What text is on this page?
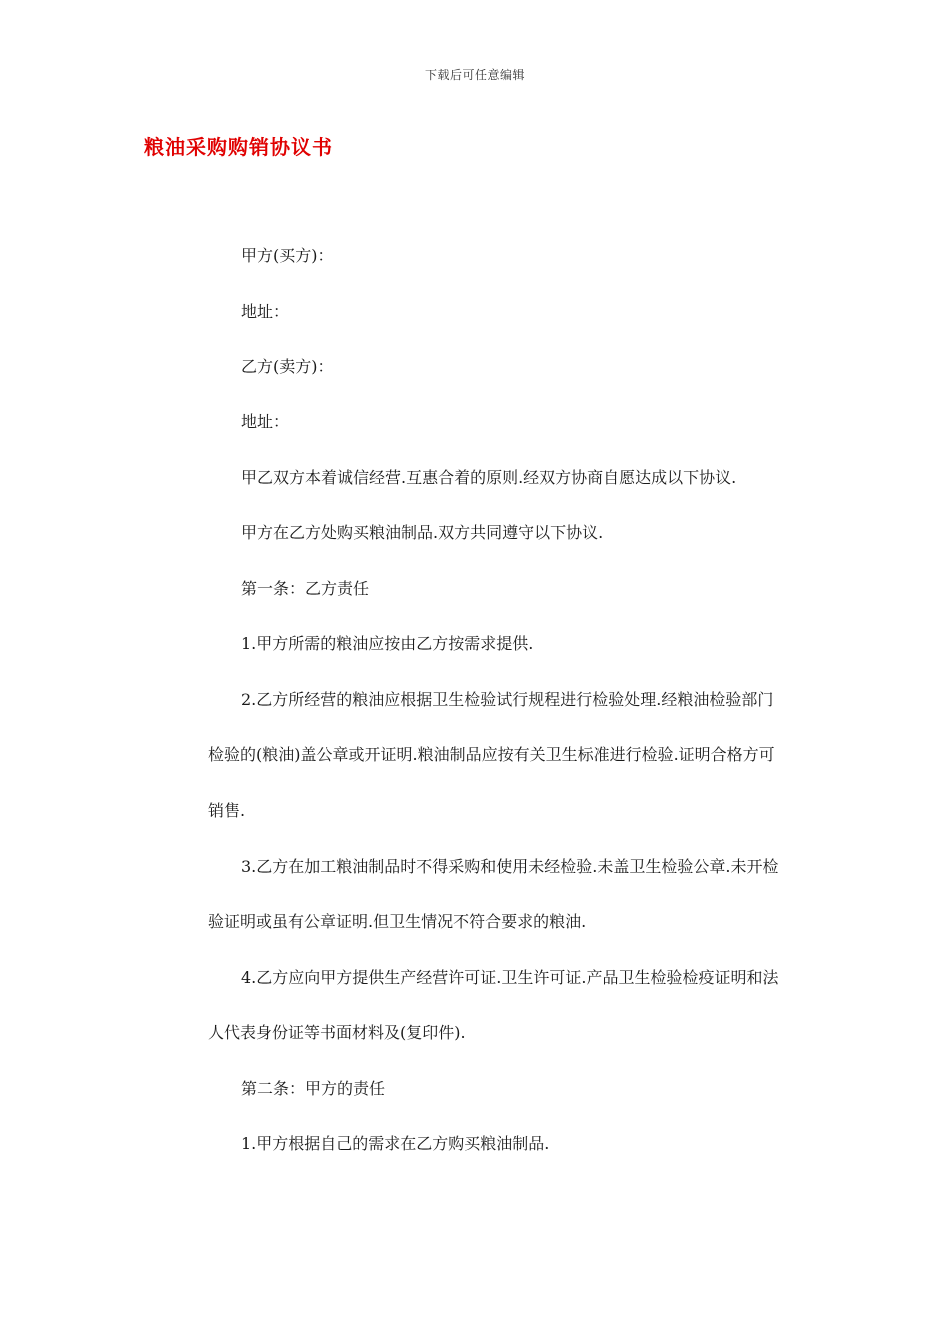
下载后可任意编辑
粮油采购购销协议书
甲方(买方)：
地址：
乙方(卖方)：
地址：
甲乙双方本着诚信经营.互惠合着的原则.经双方协商自愿达成以下协议.
甲方在乙方处购买粮油制品.双方共同遵守以下协议.
第一条：乙方责任
1.甲方所需的粮油应按由乙方按需求提供.
2.乙方所经营的粮油应根据卫生检验试行规程进行检验处理.经粮油检验部门
检验的(粮油)盖公章或开证明.粮油制品应按有关卫生标准进行检验.证明合格方可
销售.
3.乙方在加工粮油制品时不得采购和使用未经检验.未盖卫生检验公章.未开检
验证明或虽有公章证明.但卫生情况不符合要求的粮油.
4.乙方应向甲方提供生产经营许可证.卫生许可证.产品卫生检验检疫证明和法
人代表身份证等书面材料及(复印件).
第二条：甲方的责任
1.甲方根据自己的需求在乙方购买粮油制品.
